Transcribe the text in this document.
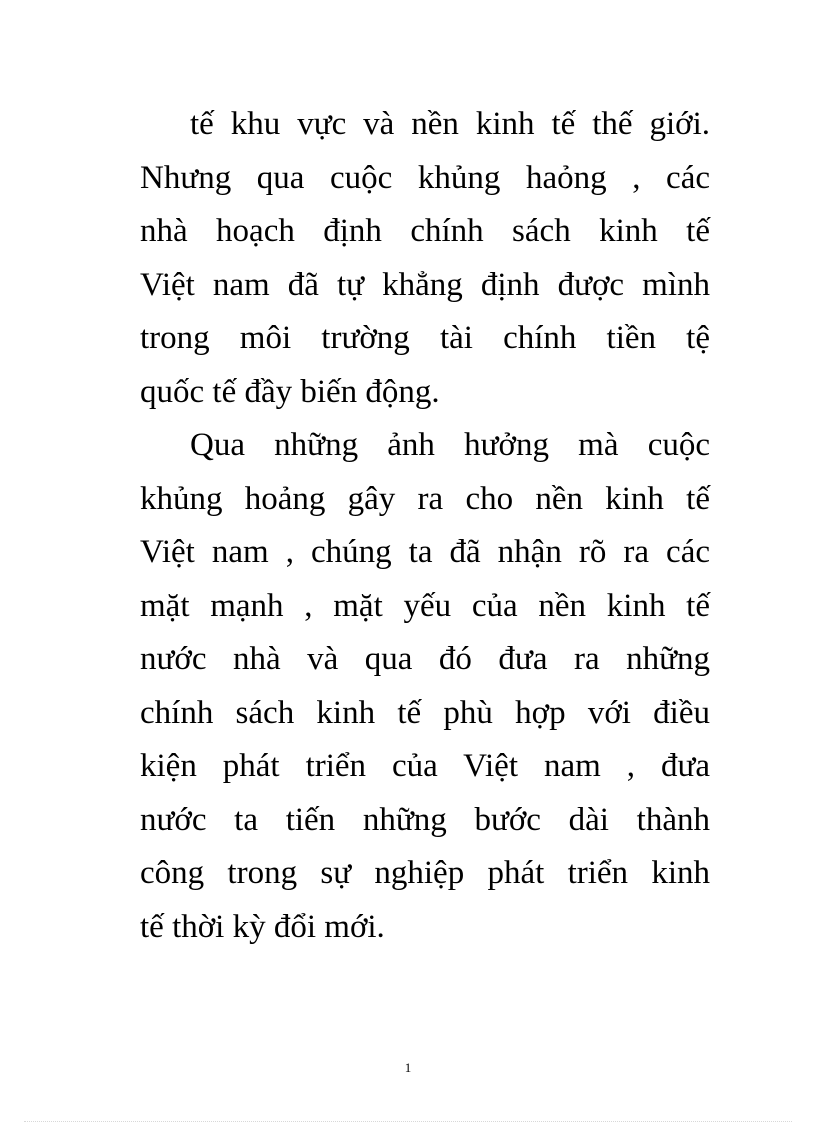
tế khu vực và nền kinh tế thế giới.
Nhưng qua cuộc khủng haỏng , các
nhà hoạch định chính sách kinh tế
Việt nam đã tự khẳng định được mình
trong môi trường tài chính tiền tệ
quốc tế đầy biến động.
Qua những ảnh hưởng mà cuộc
khủng hoảng gây ra cho nền kinh tế
Việt nam , chúng ta đã nhận rõ ra các
mặt mạnh , mặt yếu của nền kinh tế
nước nhà và qua đó đưa ra những
chính sách kinh tế phù hợp với điều
kiện phát triển của Việt nam , đưa
nước ta tiến những bước dài thành
công trong sự nghiệp phát triển kinh
tế thời kỳ đổi mới.
1
